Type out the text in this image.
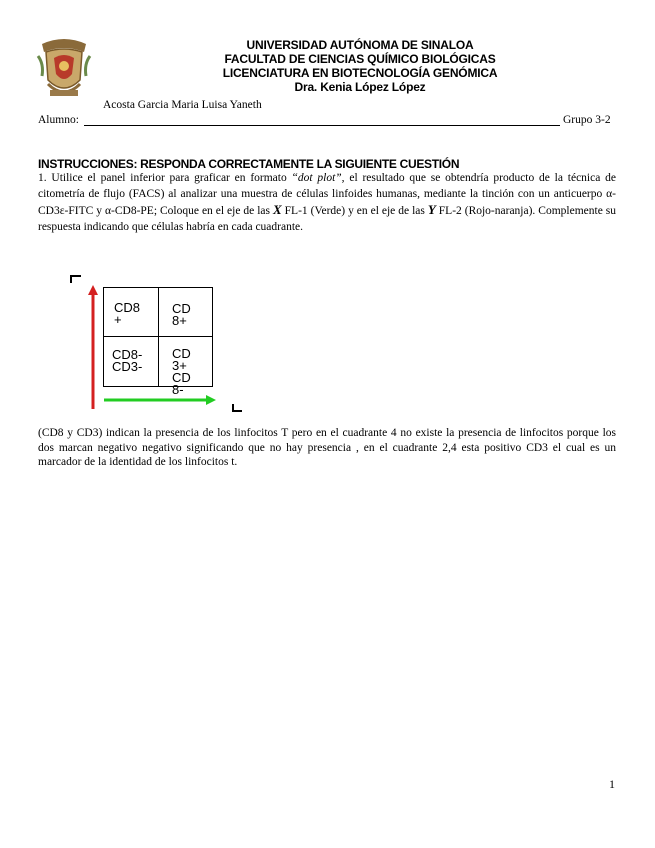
UNIVERSIDAD AUTÓNOMA DE SINALOA
FACULTAD DE CIENCIAS QUÍMICO BIOLÓGICAS
LICENCIATURA EN BIOTECNOLOGÍA GENÓMICA
Dra. Kenia López López
Acosta Garcia Maria Luisa Yaneth
Alumno:	Grupo 3-2
INSTRUCCIONES: RESPONDA CORRECTAMENTE LA SIGUIENTE CUESTIÓN
1. Utilice el panel inferior para graficar en formato “dot plot”, el resultado que se obtendría producto de la técnica de citometría de flujo (FACS) al analizar una muestra de células linfoides humanas, mediante la tinción con un anticuerpo α-CD3ε-FITC y α-CD8-PE; Coloque en el eje de las X FL-1 (Verde) y en el eje de las Y FL-2 (Rojo-naranja). Complemente su respuesta indicando que células habría en cada cuadrante.
CD8
+
CD
8+
CD8-
CD3-
CD
3+
CD
8-
(CD8 y CD3) indican la presencia de los linfocitos T pero en el cuadrante 4 no existe la presencia de linfocitos porque los dos marcan negativo negativo significando que no hay presencia , en el cuadrante 2,4 esta positivo CD3 el cual es un marcador de la identidad de los linfocitos t.
1
